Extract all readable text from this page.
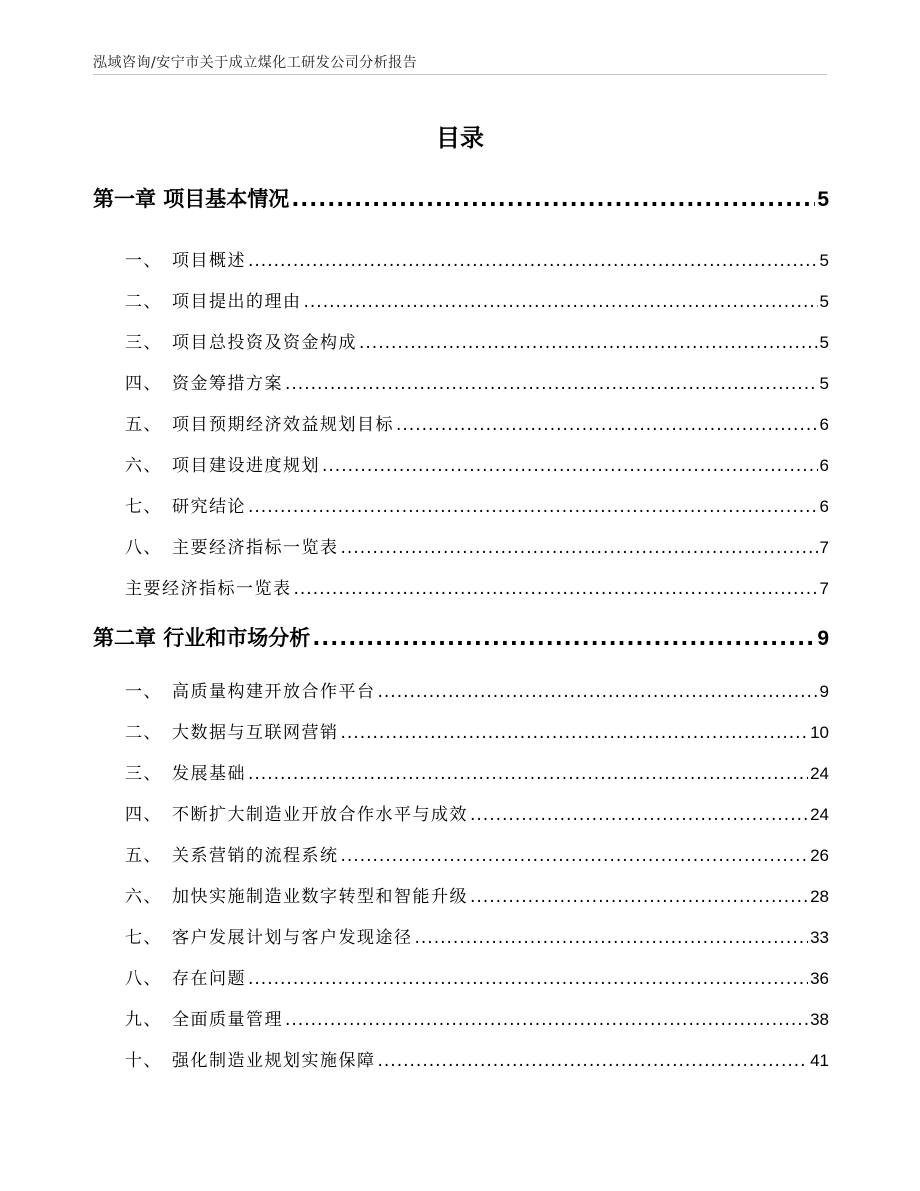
泓域咨询/安宁市关于成立煤化工研发公司分析报告
目录
第一章 项目基本情况 .....	5
一、 项目概述 .....	5
二、 项目提出的理由 .....	5
三、 项目总投资及资金构成 .....	5
四、 资金筹措方案 .....	5
五、 项目预期经济效益规划目标 .....	6
六、 项目建设进度规划 .....	6
七、 研究结论 .....	6
八、 主要经济指标一览表 .....	7
主要经济指标一览表 .....	7
第二章 行业和市场分析 .....	9
一、 高质量构建开放合作平台 .....	9
二、 大数据与互联网营销 .....	10
三、 发展基础 .....	24
四、 不断扩大制造业开放合作水平与成效 .....	24
五、 关系营销的流程系统 .....	26
六、 加快实施制造业数字转型和智能升级 .....	28
七、 客户发展计划与客户发现途径 .....	33
八、 存在问题 .....	36
九、 全面质量管理 .....	38
十、 强化制造业规划实施保障 .....	41
